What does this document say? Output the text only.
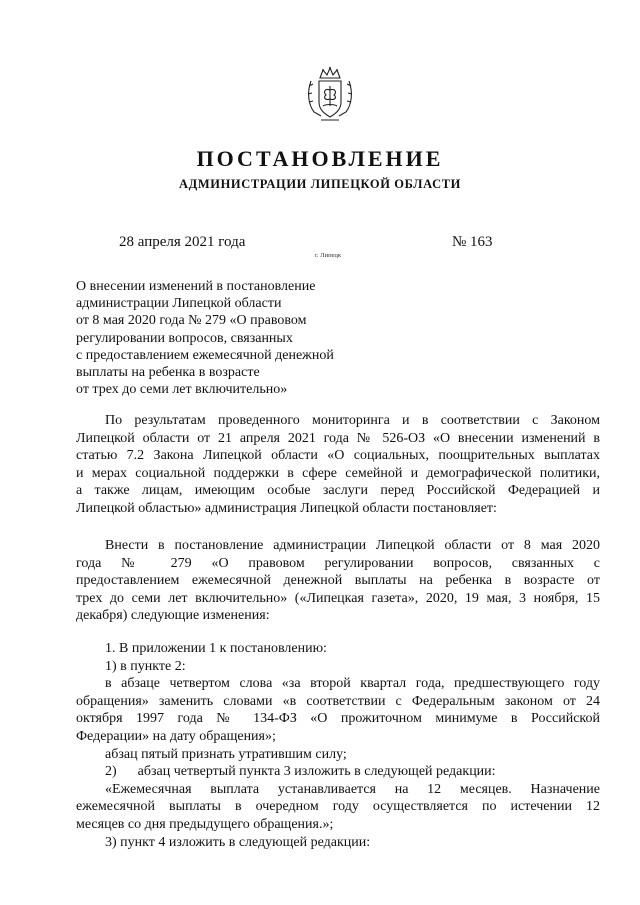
ПОСТАНОВЛЕНИЕ
АДМИНИСТРАЦИИ ЛИПЕЦКОЙ ОБЛАСТИ
28 апреля 2021 года
г. Липецк
№ 163
О внесении изменений в постановление
администрации Липецкой области
от 8 мая 2020 года № 279 «О правовом
регулировании вопросов, связанных
с предоставлением ежемесячной денежной
выплаты на ребенка в возрасте
от трех до семи лет включительно»
По результатам проведенного мониторинга и в соответствии с Законом
Липецкой области от 21 апреля 2021 года № 526-ОЗ «О внесении изменений в
статью 7.2 Закона Липецкой области «О социальных, поощрительных выплатах
и мерах социальной поддержки в сфере семейной и демографической политики,
а также лицам, имеющим особые заслуги перед Российской Федерацией и
Липецкой областью» администрация Липецкой области постановляет:
Внести в постановление администрации Липецкой области от 8 мая 2020
года № 279 «О правовом регулировании вопросов, связанных с
предоставлением ежемесячной денежной выплаты на ребенка в возрасте от
трех до семи лет включительно» («Липецкая газета», 2020, 19 мая, 3 ноября, 15
декабря) следующие изменения:
1. В приложении 1 к постановлению:
1) в пункте 2:
в абзаце четвертом слова «за второй квартал года, предшествующего году
обращения» заменить словами «в соответствии с Федеральным законом от 24
октября 1997 года № 134-ФЗ «О прожиточном минимуме в Российской
Федерации» на дату обращения»;
абзац пятый признать утратившим силу;
2)      абзац четвертый пункта 3 изложить в следующей редакции:
«Ежемесячная выплата устанавливается на 12 месяцев. Назначение
ежемесячной выплаты в очередном году осуществляется по истечении 12
месяцев со дня предыдущего обращения.»;
3) пункт 4 изложить в следующей редакции:
